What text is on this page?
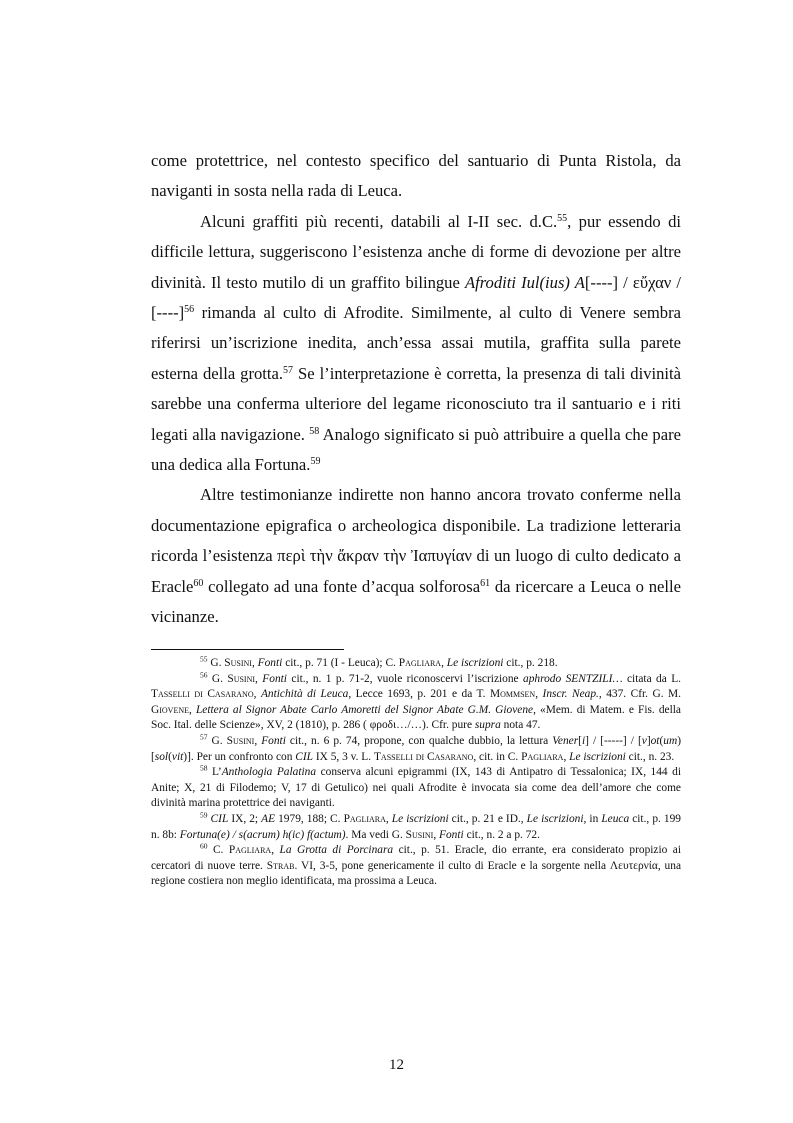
come protettrice, nel contesto specifico del santuario di Punta Ristola, da naviganti in sosta nella rada di Leuca.

Alcuni graffiti più recenti, databili al I-II sec. d.C.$^{55}$, pur essendo di difficile lettura, suggeriscono l’esistenza anche di forme di devozione per altre divinità. Il testo mutilo di un graffito bilingue Afroditi Iul(ius) A[----] / εὔχαν / $[----]^{56}$ rimanda al culto di Afrodite. Similmente, al culto di Venere sembra riferirsi un’iscrizione inedita, anch’essa assai mutila, graffita sulla parete esterna della grotta.$^{57}$ Se l’interpretazione è corretta, la presenza di tali divinità sarebbe una conferma ulteriore del legame riconosciuto tra il santuario e i riti legati alla navigazione. $^{58}$ Analogo significato si può attribuire a quella che pare una dedica alla Fortuna.$^{59}$

Altre testimonianze indirette non hanno ancora trovato conferme nella documentazione epigrafica o archeologica disponibile. La tradizione letteraria ricorda l’esistenza περὶ τὴν ἄκραν τὴν Ἰαπυγίαν di un luogo di culto dedicato a Eracle$^{60}$ collegato ad una fonte d’acqua solforosa$^{61}$ da ricercare a Leuca o nelle vicinanze.

$^{55}$ G. Susini, Fonti cit., p. 71 (I - Leuca); C. Pagliara, Le iscrizioni cit., p. 218.

$^{56}$ G. Susini, Fonti cit., n. 1 p. 71-2, vuole riconoscervi l’iscrizione aphrodo SENTΖILI… citata da L. Tasselli di Casarano, Antichità di Leuca, Lecce 1693, p. 201 e da T. Mommsen, Inscr. Neap., 437. Cfr. G. M. Giovene, Lettera al Signor Abate Carlo Amoretti del Signor Abate G.M. Giovene, «Mem. di Matem. e Fis. della Soc. Ital. delle Scienze», XV, 2 (1810), p. 286 ( φροδι…/…). Cfr. pure supra nota 47.

$^{57}$ G. Susini, Fonti cit., n. 6 p. 74, propone, con qualche dubbio, la lettura Vener[i] / [-----] / [v]ot(um) [sol(vit)]. Per un confronto con CIL IX 5, 3 v. L. Tasselli di Casarano, cit. in C. Pagliara, Le iscrizioni cit., n. 23.

$^{58}$ L’Anthologia Palatina conserva alcuni epigrammi (IX, 143 di Antipatro di Tessalonica; IX, 144 di Anite; X, 21 di Filodemo; V, 17 di Getulico) nei quali Afrodite è invocata sia come dea dell’amore che come divinità marina protettrice dei naviganti.

$^{59}$ CIL IX, 2; AE 1979, 188; C. Pagliara, Le iscrizioni cit., p. 21 e ID., Le iscrizioni, in Leuca cit., p. 199 n. 8b: Fortuna(e) / s(acrum) h(ic) f(actum). Ma vedi G. Susini, Fonti cit., n. 2 a p. 72.

$^{60}$ C. Pagliara, La Grotta di Porcinara cit., p. 51. Eracle, dio errante, era considerato propizio ai cercatori di nuove terre. Strab. VI, 3-5, pone genericamente il culto di Eracle e la sorgente nella Λευτερνία, una regione costiera non meglio identificata, ma prossima a Leuca.

12
